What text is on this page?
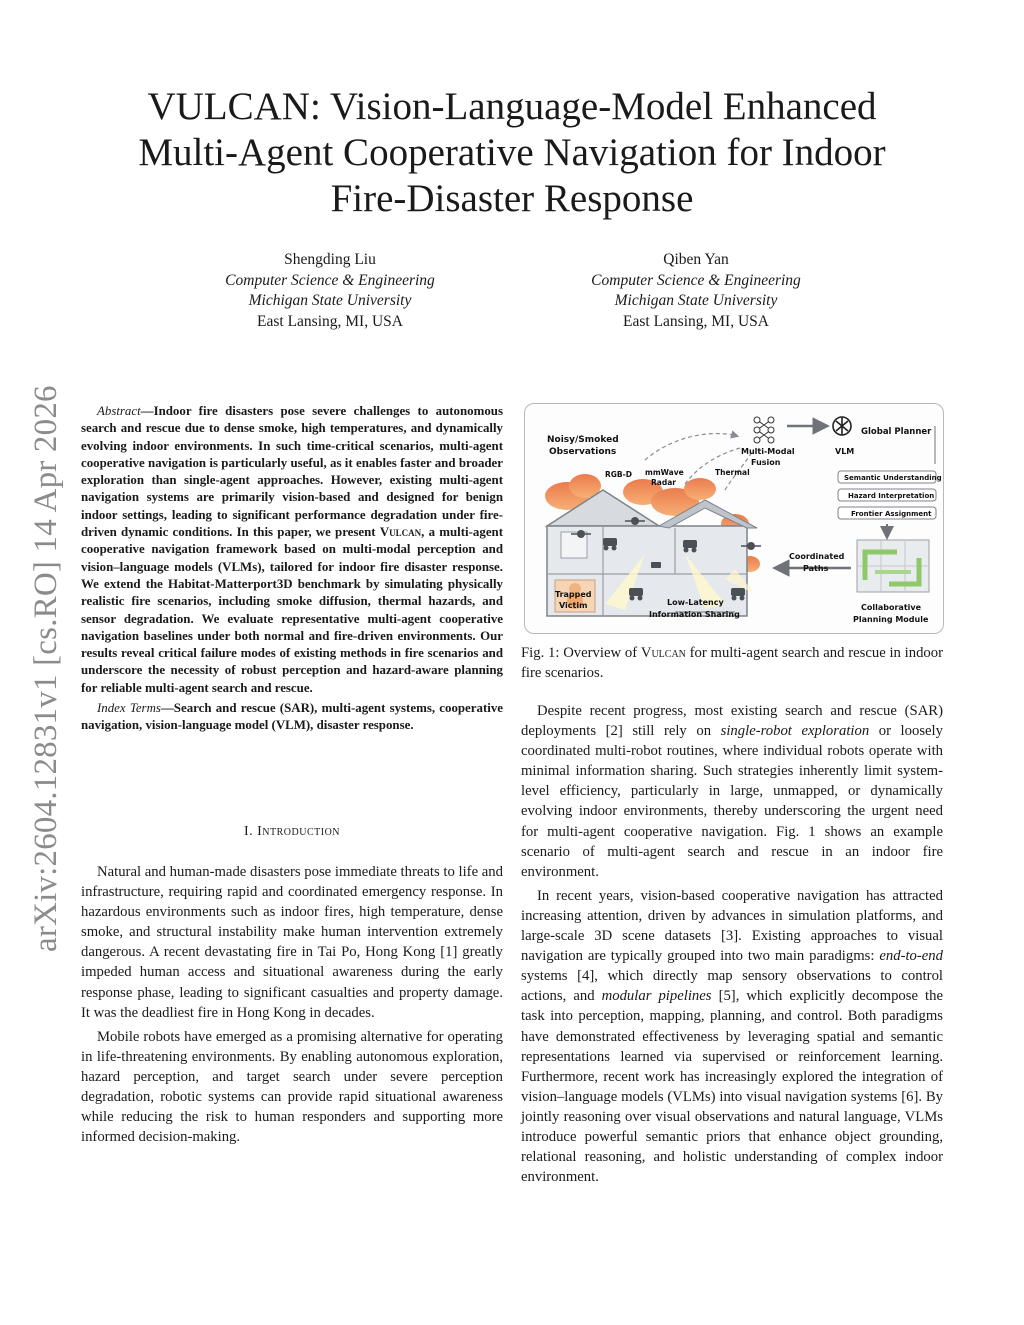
arXiv:2604.12831v1 [cs.RO] 14 Apr 2026
VULCAN: Vision-Language-Model Enhanced
Multi-Agent Cooperative Navigation for Indoor
Fire-Disaster Response
Shengding Liu
Computer Science & Engineering
Michigan State University
East Lansing, MI, USA
Qiben Yan
Computer Science & Engineering
Michigan State University
East Lansing, MI, USA

Abstract—Indoor fire disasters pose severe challenges to autonomous search and rescue due to dense smoke, high temperatures, and dynamically evolving indoor environments. In such time-critical scenarios, multi-agent cooperative navigation is particularly useful, as it enables faster and broader exploration than single-agent approaches. However, existing multi-agent navigation systems are primarily vision-based and designed for benign indoor settings, leading to significant performance degradation under fire-driven dynamic conditions. In this paper, we present Vulcan, a multi-agent cooperative navigation framework based on multi-modal perception and vision–language models (VLMs), tailored for indoor fire disaster response. We extend the Habitat-Matterport3D benchmark by simulating physically realistic fire scenarios, including smoke diffusion, thermal hazards, and sensor degradation. We evaluate representative multi-agent cooperative navigation baselines under both normal and fire-driven environments. Our results reveal critical failure modes of existing methods in fire scenarios and underscore the necessity of robust perception and hazard-aware planning for reliable multi-agent search and rescue.

Index Terms—Search and rescue (SAR), multi-agent systems, cooperative navigation, vision-language model (VLM), disaster response.

I. Introduction

Natural and human-made disasters pose immediate threats to life and infrastructure, requiring rapid and coordinated emergency response. In hazardous environments such as indoor fires, high temperature, dense smoke, and structural instability make human intervention extremely dangerous. A recent devastating fire in Tai Po, Hong Kong [1] greatly impeded human access and situational awareness during the early response phase, leading to significant casualties and property damage. It was the deadliest fire in Hong Kong in decades.

Mobile robots have emerged as a promising alternative for operating in life-threatening environments. By enabling autonomous exploration, hazard perception, and target search under severe perception degradation, robotic systems can provide rapid situational awareness while reducing the risk to human responders and supporting more informed decision-making.

Noisy/Smoked
Observations
RGB-D mmWave
Radar
Thermal
Multi-Modal
Fusion
VLM
Global Planner
Semantic Understanding
Hazard Interpretation
Frontier Assignment
Coordinated
Paths
Trapped
Victim	Low-Latency
Information Sharing
Collaborative
Planning Module
Fig. 1: Overview of Vulcan for multi-agent search and rescue in indoor fire scenarios.

Despite recent progress, most existing search and rescue (SAR) deployments [2] still rely on single-robot exploration or loosely coordinated multi-robot routines, where individual robots operate with minimal information sharing. Such strategies inherently limit system-level efficiency, particularly in large, unmapped, or dynamically evolving indoor environments, thereby underscoring the urgent need for multi-agent cooperative navigation. Fig. 1 shows an example scenario of multi-agent search and rescue in an indoor fire environment.

In recent years, vision-based cooperative navigation has attracted increasing attention, driven by advances in simulation platforms, and large-scale 3D scene datasets [3]. Existing approaches to visual navigation are typically grouped into two main paradigms: end-to-end systems [4], which directly map sensory observations to control actions, and modular pipelines [5], which explicitly decompose the task into perception, mapping, planning, and control. Both paradigms have demonstrated effectiveness by leveraging spatial and semantic representations learned via supervised or reinforcement learning. Furthermore, recent work has increasingly explored the integration of vision–language models (VLMs) into visual navigation systems [6]. By jointly reasoning over visual observations and natural language, VLMs introduce powerful semantic priors that enhance object grounding, relational reasoning, and holistic understanding of complex indoor environment.
